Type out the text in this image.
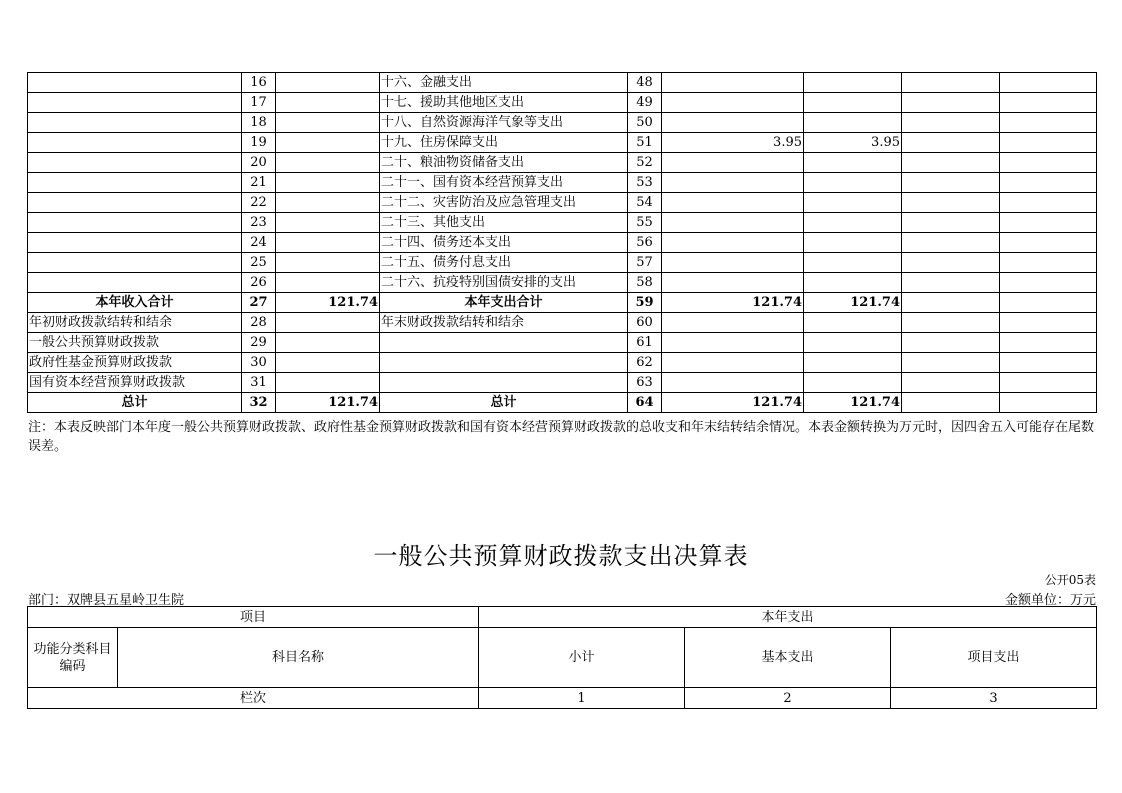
	16		十六、金融支出	48				
	17		十七、援助其他地区支出	49				
	18		十八、自然资源海洋气象等支出	50				
	19		十九、住房保障支出	51	3.95	3.95		
	20		二十、粮油物资储备支出	52				
	21		二十一、国有资本经营预算支出	53				
	22		二十二、灾害防治及应急管理支出	54				
	23		二十三、其他支出	55				
	24		二十四、债务还本支出	56				
	25		二十五、债务付息支出	57				
	26		二十六、抗疫特别国债安排的支出	58				
本年收入合计	27	121.74	本年支出合计	59	121.74	121.74		
年初财政拨款结转和结余	28		年末财政拨款结转和结余	60				
一般公共预算财政拨款	29			61				
政府性基金预算财政拨款	30			62				
国有资本经营预算财政拨款	31			63				
总计	32	121.74	总计	64	121.74	121.74		
注：本表反映部门本年度一般公共预算财政拨款、政府性基金预算财政拨款和国有资本经营预算财政拨款的总收支和年末结转结余情况。本表金额转换为万元时，因四舍五入可能存在尾数误差。
一般公共预算财政拨款支出决算表
公开05表
部门：双牌县五星岭卫生院	金额单位：万元
项目		本年支出		
功能分类科目编码	科目名称	小计	基本支出	项目支出
栏次		1	2	3
